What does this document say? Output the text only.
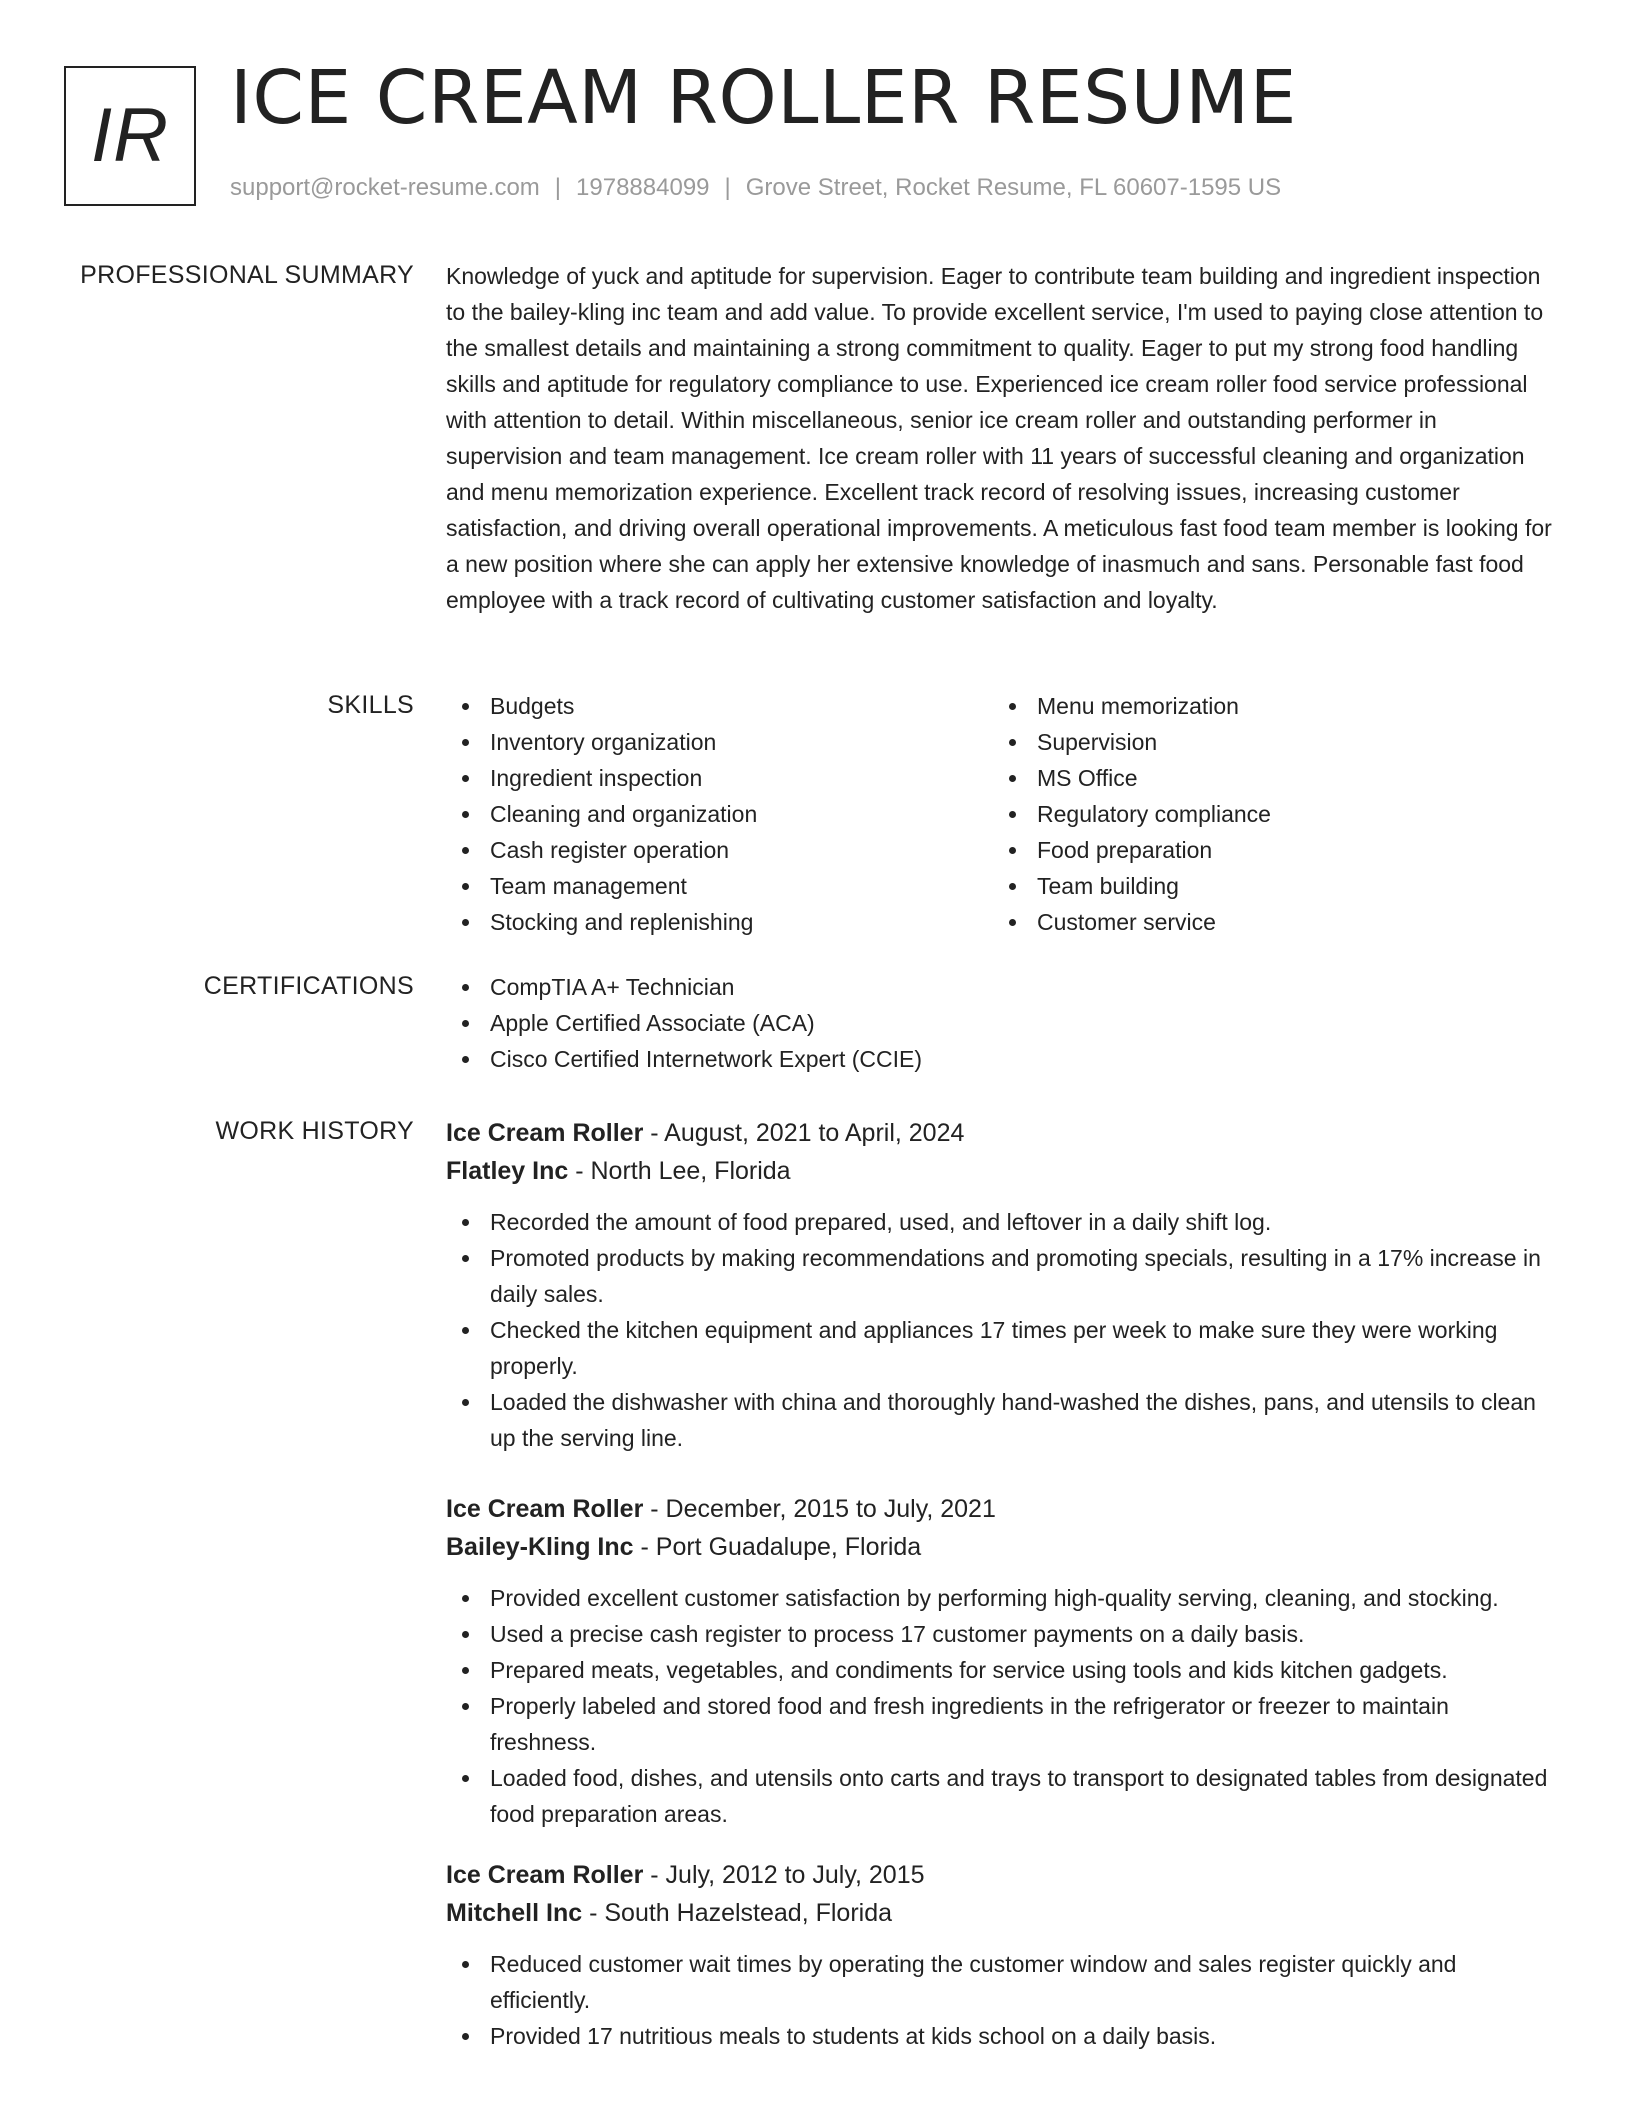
IR ICE CREAM ROLLER RESUME
support@rocket-resume.com | 1978884099 | Grove Street, Rocket Resume, FL 60607-1595 US
PROFESSIONAL SUMMARY Knowledge of yuck and aptitude for supervision. Eager to contribute team building and ingredient inspection to the bailey-kling inc team and add value. To provide excellent service, I'm used to paying close attention to the smallest details and maintaining a strong commitment to quality. Eager to put my strong food handling skills and aptitude for regulatory compliance to use. Experienced ice cream roller food service professional with attention to detail. Within miscellaneous, senior ice cream roller and outstanding performer in supervision and team management. Ice cream roller with 11 years of successful cleaning and organization and menu memorization experience. Excellent track record of resolving issues, increasing customer satisfaction, and driving overall operational improvements. A meticulous fast food team member is looking for a new position where she can apply her extensive knowledge of inasmuch and sans. Personable fast food employee with a track record of cultivating customer satisfaction and loyalty.

SKILLS	Budgets
Inventory organization
Ingredient inspection
Cleaning and organization
Cash register operation
Team management
Stocking and replenishing
Menu memorization
Supervision
MS Office
Regulatory compliance
Food preparation
Team building
Customer service
CERTIFICATIONS	CompTIA A+ Technician
Apple Certified Associate (ACA)
Cisco Certified Internetwork Expert (CCIE)
WORK HISTORY Ice Cream Roller - August, 2021 to April, 2024
Flatley Inc - North Lee, Florida
Recorded the amount of food prepared, used, and leftover in a daily shift log.
Promoted products by making recommendations and promoting specials, resulting in a 17% increase in daily sales.
Checked the kitchen equipment and appliances 17 times per week to make sure they were working properly.
Loaded the dishwasher with china and thoroughly hand-washed the dishes, pans, and utensils to clean up the serving line.
Ice Cream Roller - December, 2015 to July, 2021
Bailey-Kling Inc - Port Guadalupe, Florida
Provided excellent customer satisfaction by performing high-quality serving, cleaning, and stocking.
Used a precise cash register to process 17 customer payments on a daily basis.
Prepared meats, vegetables, and condiments for service using tools and kids kitchen gadgets.
Properly labeled and stored food and fresh ingredients in the refrigerator or freezer to maintain freshness.
Loaded food, dishes, and utensils onto carts and trays to transport to designated tables from designated food preparation areas.
Ice Cream Roller - July, 2012 to July, 2015
Mitchell Inc - South Hazelstead, Florida
Reduced customer wait times by operating the customer window and sales register quickly and efficiently.
Provided 17 nutritious meals to students at kids school on a daily basis.
